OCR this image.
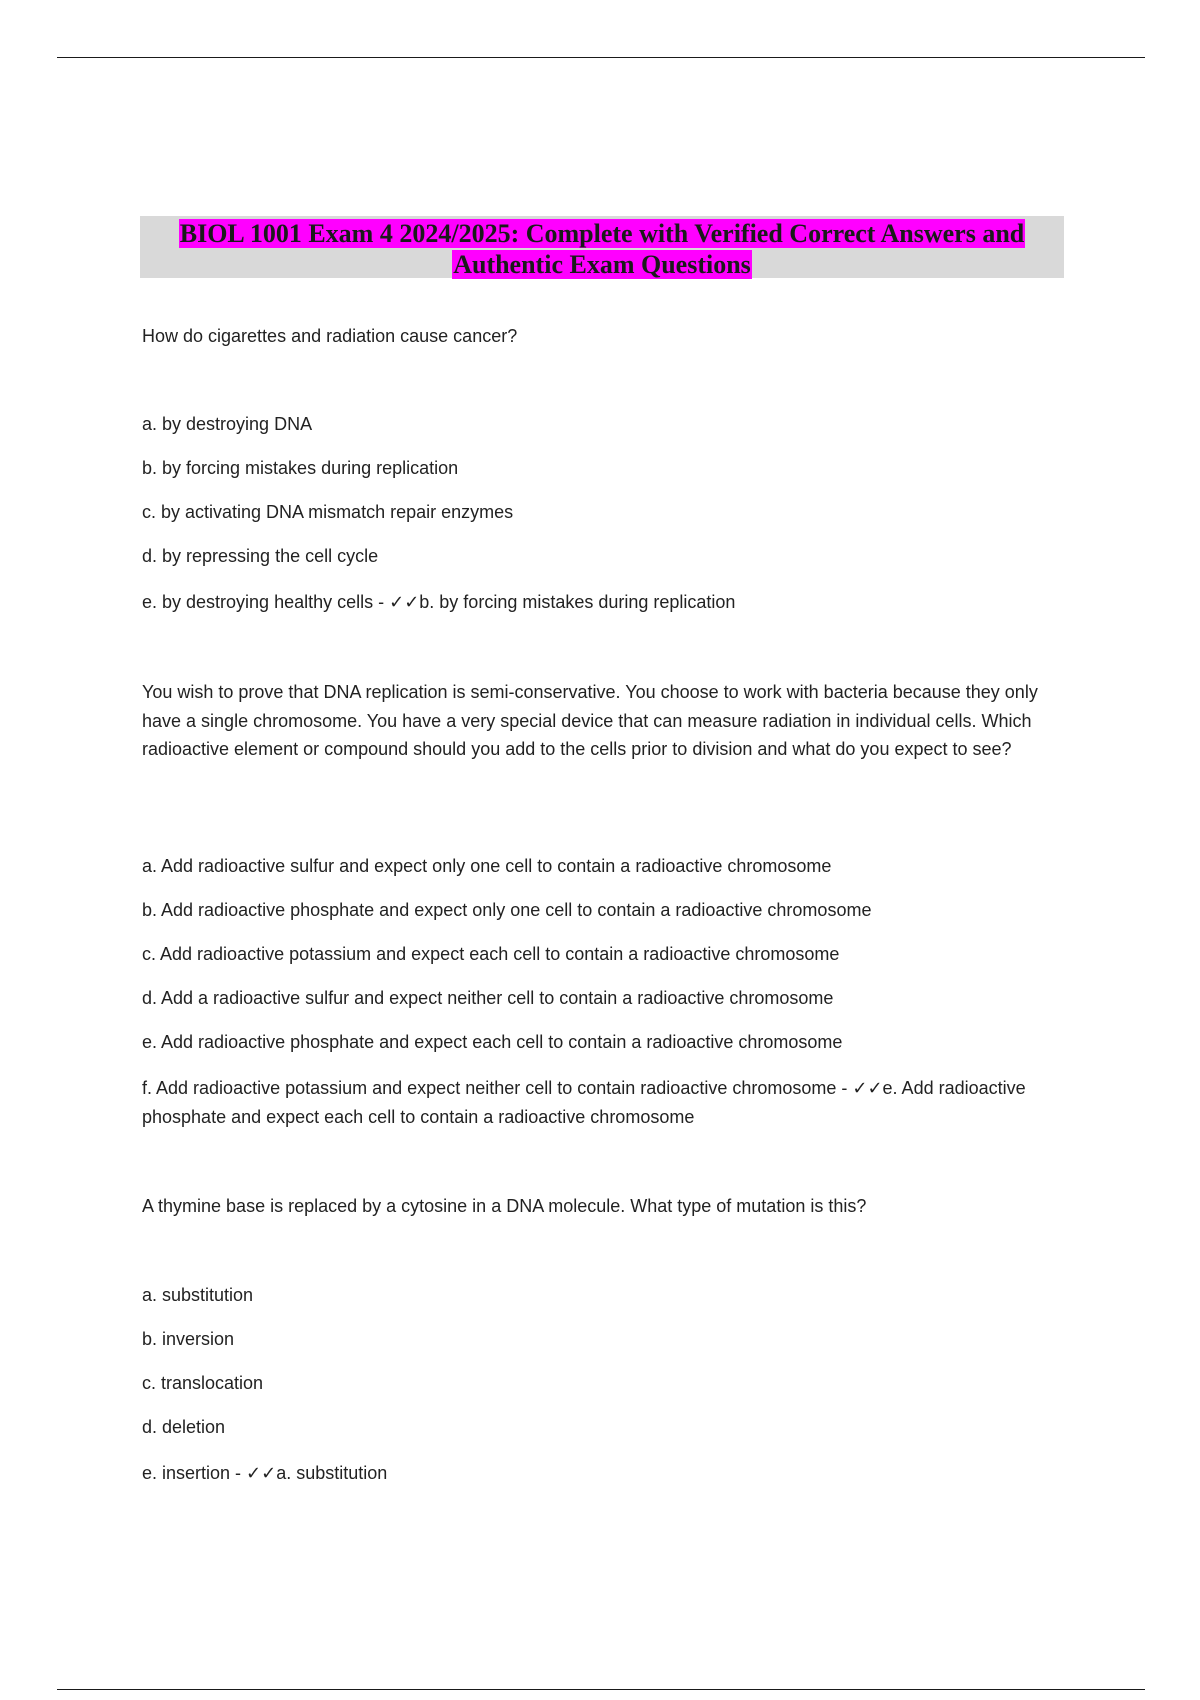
BIOL 1001 Exam 4 2024/2025: Complete with Verified Correct Answers and Authentic Exam Questions
How do cigarettes and radiation cause cancer?
a. by destroying DNA
b. by forcing mistakes during replication
c. by activating DNA mismatch repair enzymes
d. by repressing the cell cycle
e. by destroying healthy cells - ✓✓b. by forcing mistakes during replication
You wish to prove that DNA replication is semi-conservative. You choose to work with bacteria because they only have a single chromosome. You have a very special device that can measure radiation in individual cells. Which radioactive element or compound should you add to the cells prior to division and what do you expect to see?
a. Add radioactive sulfur and expect only one cell to contain a radioactive chromosome
b. Add radioactive phosphate and expect only one cell to contain a radioactive chromosome
c. Add radioactive potassium and expect each cell to contain a radioactive chromosome
d. Add a radioactive sulfur and expect neither cell to contain a radioactive chromosome
e. Add radioactive phosphate and expect each cell to contain a radioactive chromosome
f. Add radioactive potassium and expect neither cell to contain radioactive chromosome - ✓✓e. Add radioactive phosphate and expect each cell to contain a radioactive chromosome
A thymine base is replaced by a cytosine in a DNA molecule. What type of mutation is this?
a. substitution
b. inversion
c. translocation
d. deletion
e. insertion - ✓✓a. substitution
